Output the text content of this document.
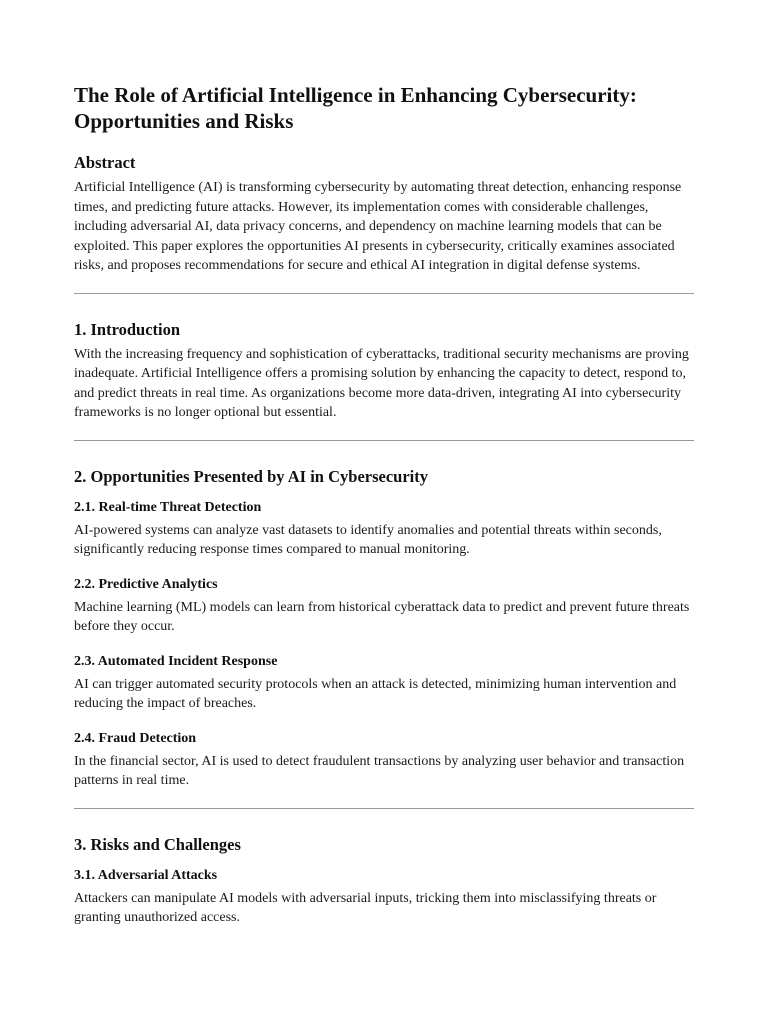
The Role of Artificial Intelligence in Enhancing Cybersecurity: Opportunities and Risks
Abstract

Artificial Intelligence (AI) is transforming cybersecurity by automating threat detection, enhancing response times, and predicting future attacks. However, its implementation comes with considerable challenges, including adversarial AI, data privacy concerns, and dependency on machine learning models that can be exploited. This paper explores the opportunities AI presents in cybersecurity, critically examines associated risks, and proposes recommendations for secure and ethical AI integration in digital defense systems.

1. Introduction

With the increasing frequency and sophistication of cyberattacks, traditional security mechanisms are proving inadequate. Artificial Intelligence offers a promising solution by enhancing the capacity to detect, respond to, and predict threats in real time. As organizations become more data-driven, integrating AI into cybersecurity frameworks is no longer optional but essential.

2. Opportunities Presented by AI in Cybersecurity
2.1. Real-time Threat Detection

AI-powered systems can analyze vast datasets to identify anomalies and potential threats within seconds, significantly reducing response times compared to manual monitoring.

2.2. Predictive Analytics

Machine learning (ML) models can learn from historical cyberattack data to predict and prevent future threats before they occur.

2.3. Automated Incident Response

AI can trigger automated security protocols when an attack is detected, minimizing human intervention and reducing the impact of breaches.

2.4. Fraud Detection

In the financial sector, AI is used to detect fraudulent transactions by analyzing user behavior and transaction patterns in real time.

3. Risks and Challenges
3.1. Adversarial Attacks

Attackers can manipulate AI models with adversarial inputs, tricking them into misclassifying threats or granting unauthorized access.
